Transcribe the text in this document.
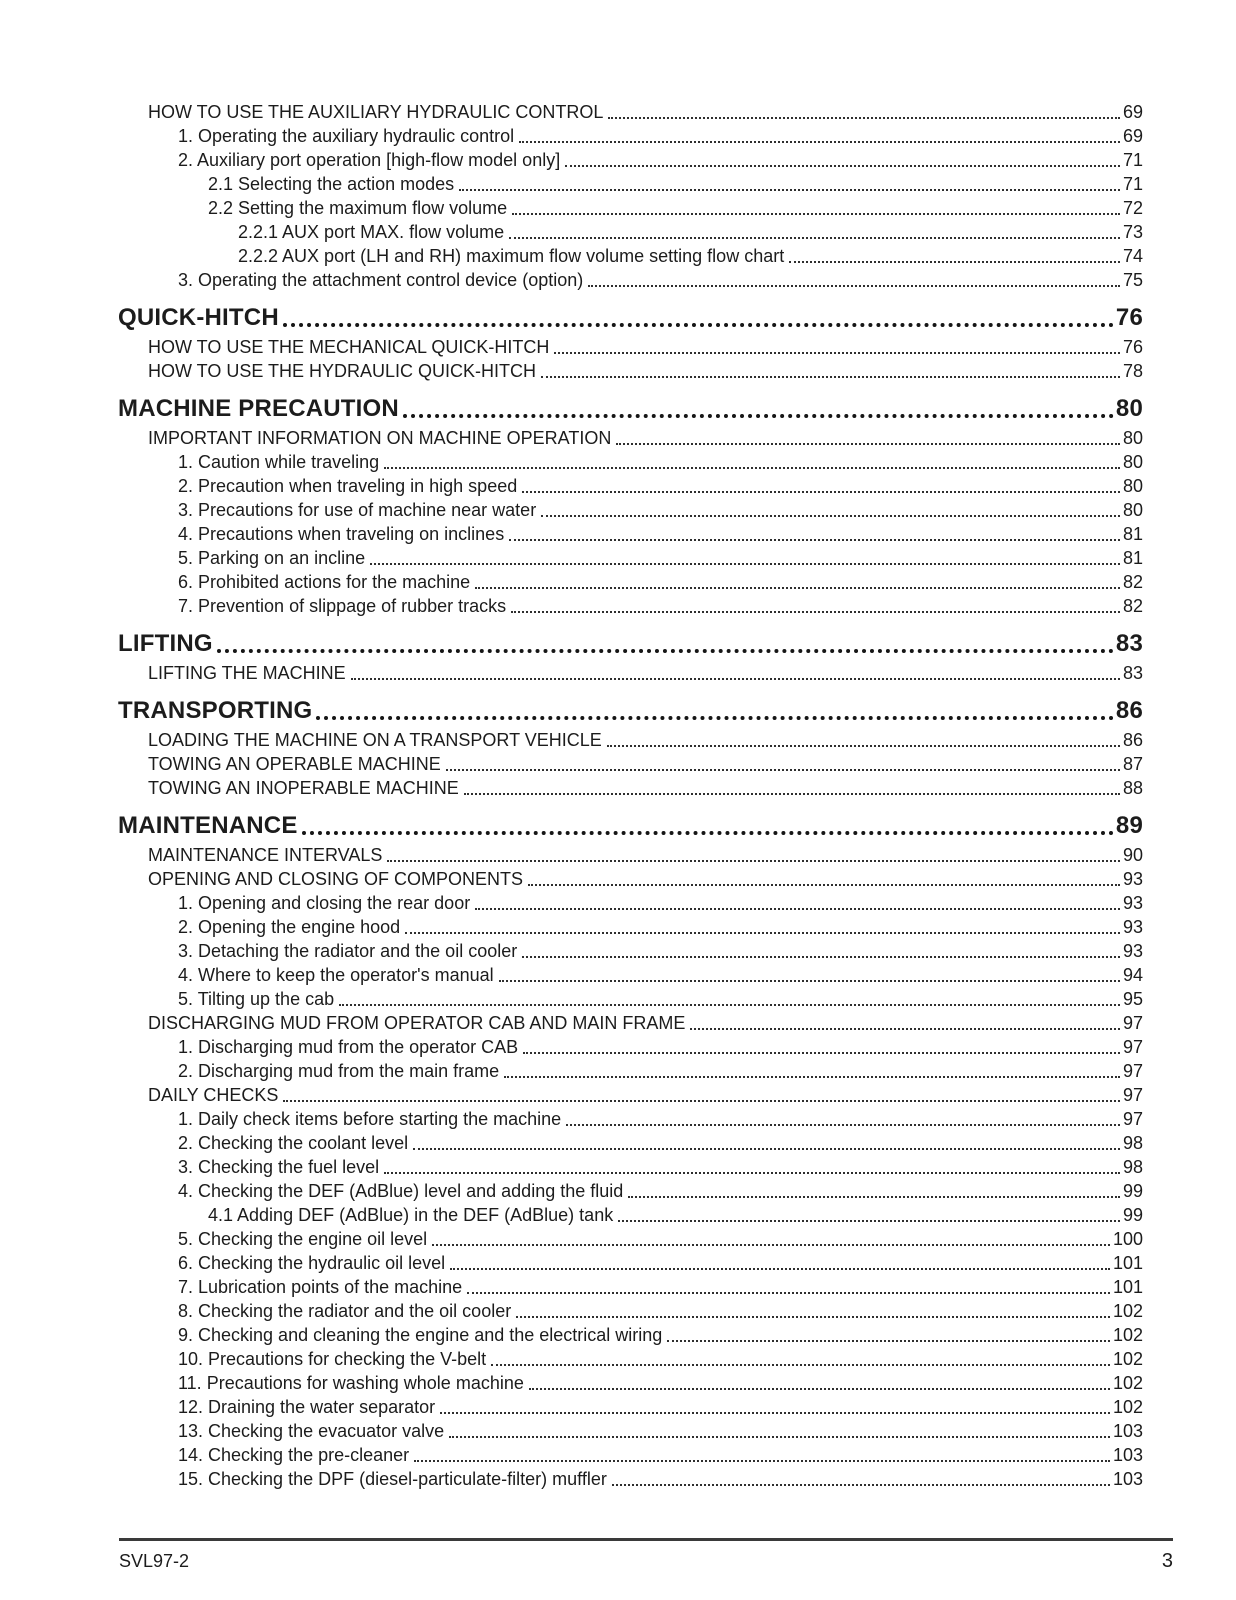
HOW TO USE THE AUXILIARY HYDRAULIC CONTROL	69
1. Operating the auxiliary hydraulic control	69
2. Auxiliary port operation [high-flow model only]	71
2.1 Selecting the action modes	71
2.2 Setting the maximum flow volume	72
2.2.1 AUX port MAX. flow volume	73
2.2.2 AUX port (LH and RH) maximum flow volume setting flow chart	74
3. Operating the attachment control device (option)	75
QUICK-HITCH	76
HOW TO USE THE MECHANICAL QUICK-HITCH	76
HOW TO USE THE HYDRAULIC QUICK-HITCH	78
MACHINE PRECAUTION	80
IMPORTANT INFORMATION ON MACHINE OPERATION	80
1. Caution while traveling	80
2. Precaution when traveling in high speed	80
3. Precautions for use of machine near water	80
4. Precautions when traveling on inclines	81
5. Parking on an incline	81
6. Prohibited actions for the machine	82
7. Prevention of slippage of rubber tracks	82
LIFTING	83
LIFTING THE MACHINE	83
TRANSPORTING	86
LOADING THE MACHINE ON A TRANSPORT VEHICLE	86
TOWING AN OPERABLE MACHINE	87
TOWING AN INOPERABLE MACHINE	88
MAINTENANCE	89
MAINTENANCE INTERVALS	90
OPENING AND CLOSING OF COMPONENTS	93
1. Opening and closing the rear door	93
2. Opening the engine hood	93
3. Detaching the radiator and the oil cooler	93
4. Where to keep the operator's manual	94
5. Tilting up the cab	95
DISCHARGING MUD FROM OPERATOR CAB AND MAIN FRAME	97
1. Discharging mud from the operator CAB	97
2. Discharging mud from the main frame	97
DAILY CHECKS	97
1. Daily check items before starting the machine	97
2. Checking the coolant level	98
3. Checking the fuel level	98
4. Checking the DEF (AdBlue) level and adding the fluid	99
4.1 Adding DEF (AdBlue) in the DEF (AdBlue) tank	99
5. Checking the engine oil level	100
6. Checking the hydraulic oil level	101
7. Lubrication points of the machine	101
8. Checking the radiator and the oil cooler	102
9. Checking and cleaning the engine and the electrical wiring	102
10. Precautions for checking the V-belt	102
11. Precautions for washing whole machine	102
12. Draining the water separator	102
13. Checking the evacuator valve	103
14. Checking the pre-cleaner	103
15. Checking the DPF (diesel-particulate-filter) muffler	103
SVL97-2	3
